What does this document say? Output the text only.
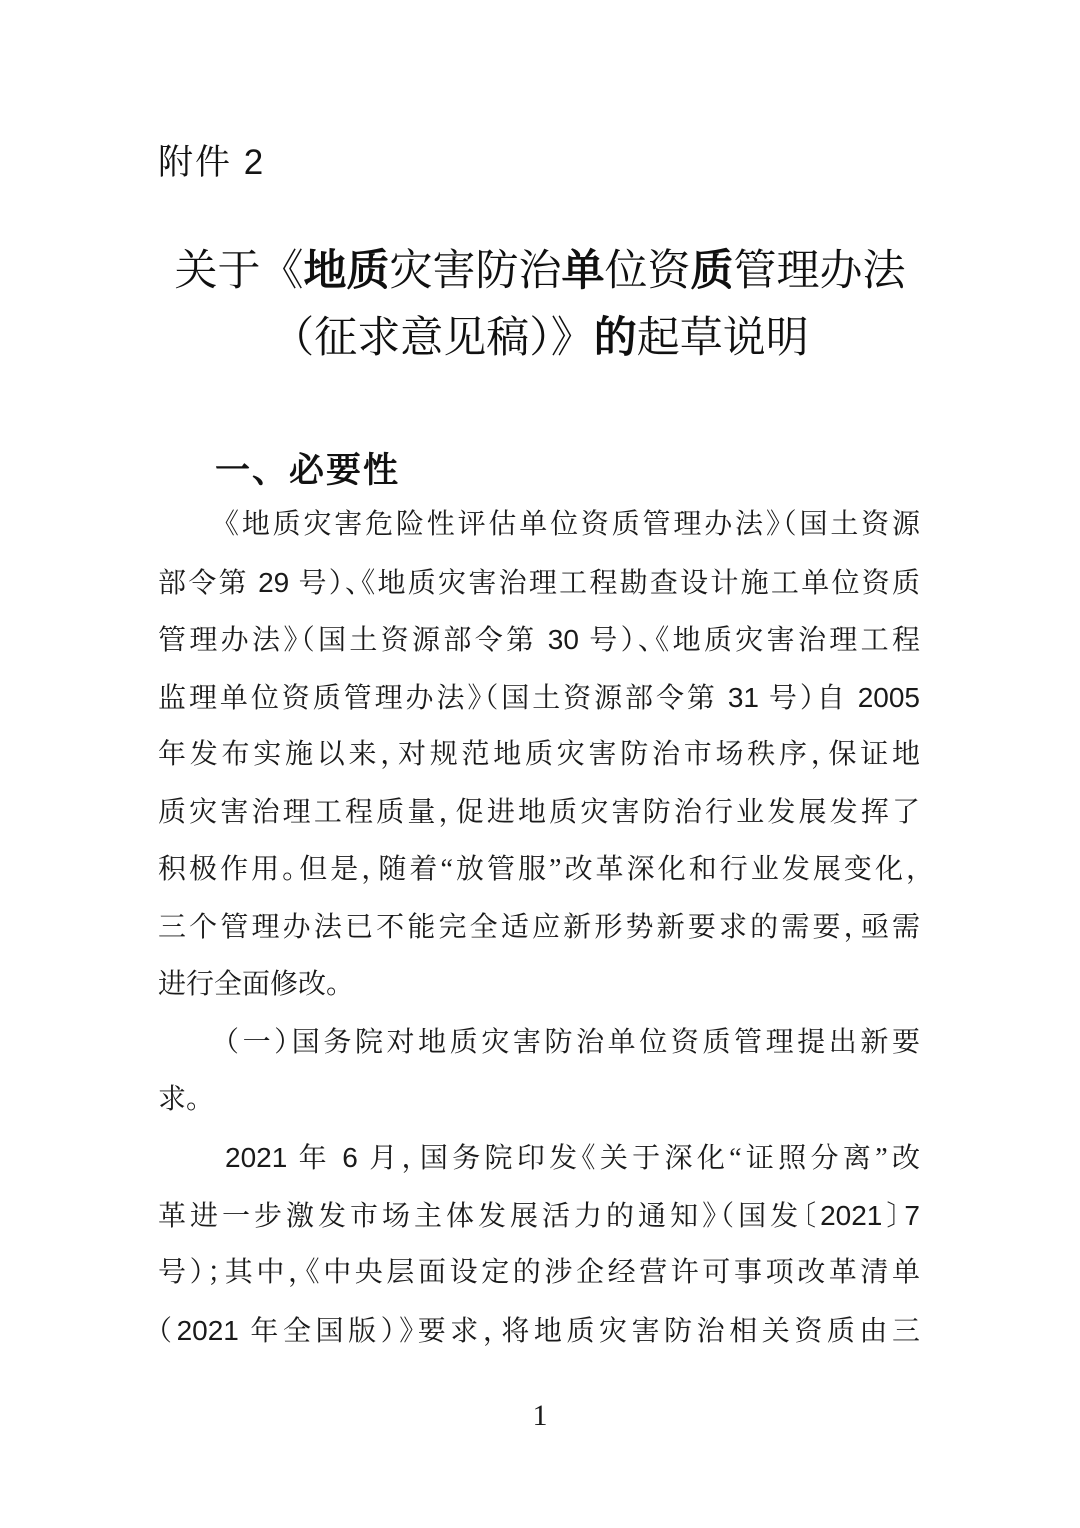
附件 2
关于《地质灾害防治单位资质管理办法
（征求意见稿）》的起草说明
一、必要性
《地质灾害危险性评估单位资质管理办法》（国土资源
部令第 29 号）、《地质灾害治理工程勘查设计施工单位资质
管理办法》（国土资源部令第 30 号）、《地质灾害治理工程
监理单位资质管理办法》（国土资源部令第 31 号）自 2005
年发布实施以来，对规范地质灾害防治市场秩序，保证地
质灾害治理工程质量，促进地质灾害防治行业发展发挥了
积极作用。但是，随着“放管服”改革深化和行业发展变化，
三个管理办法已不能完全适应新形势新要求的需要，亟需
进行全面修改。
（一）国务院对地质灾害防治单位资质管理提出新要
求。
2021 年 6 月，国务院印发《关于深化“证照分离”改
革进一步激发市场主体发展活力的通知》（国发〔2021〕7
号）；其中，《中央层面设定的涉企经营许可事项改革清单
（2021 年全国版）》要求，将地质灾害防治相关资质由三
1
